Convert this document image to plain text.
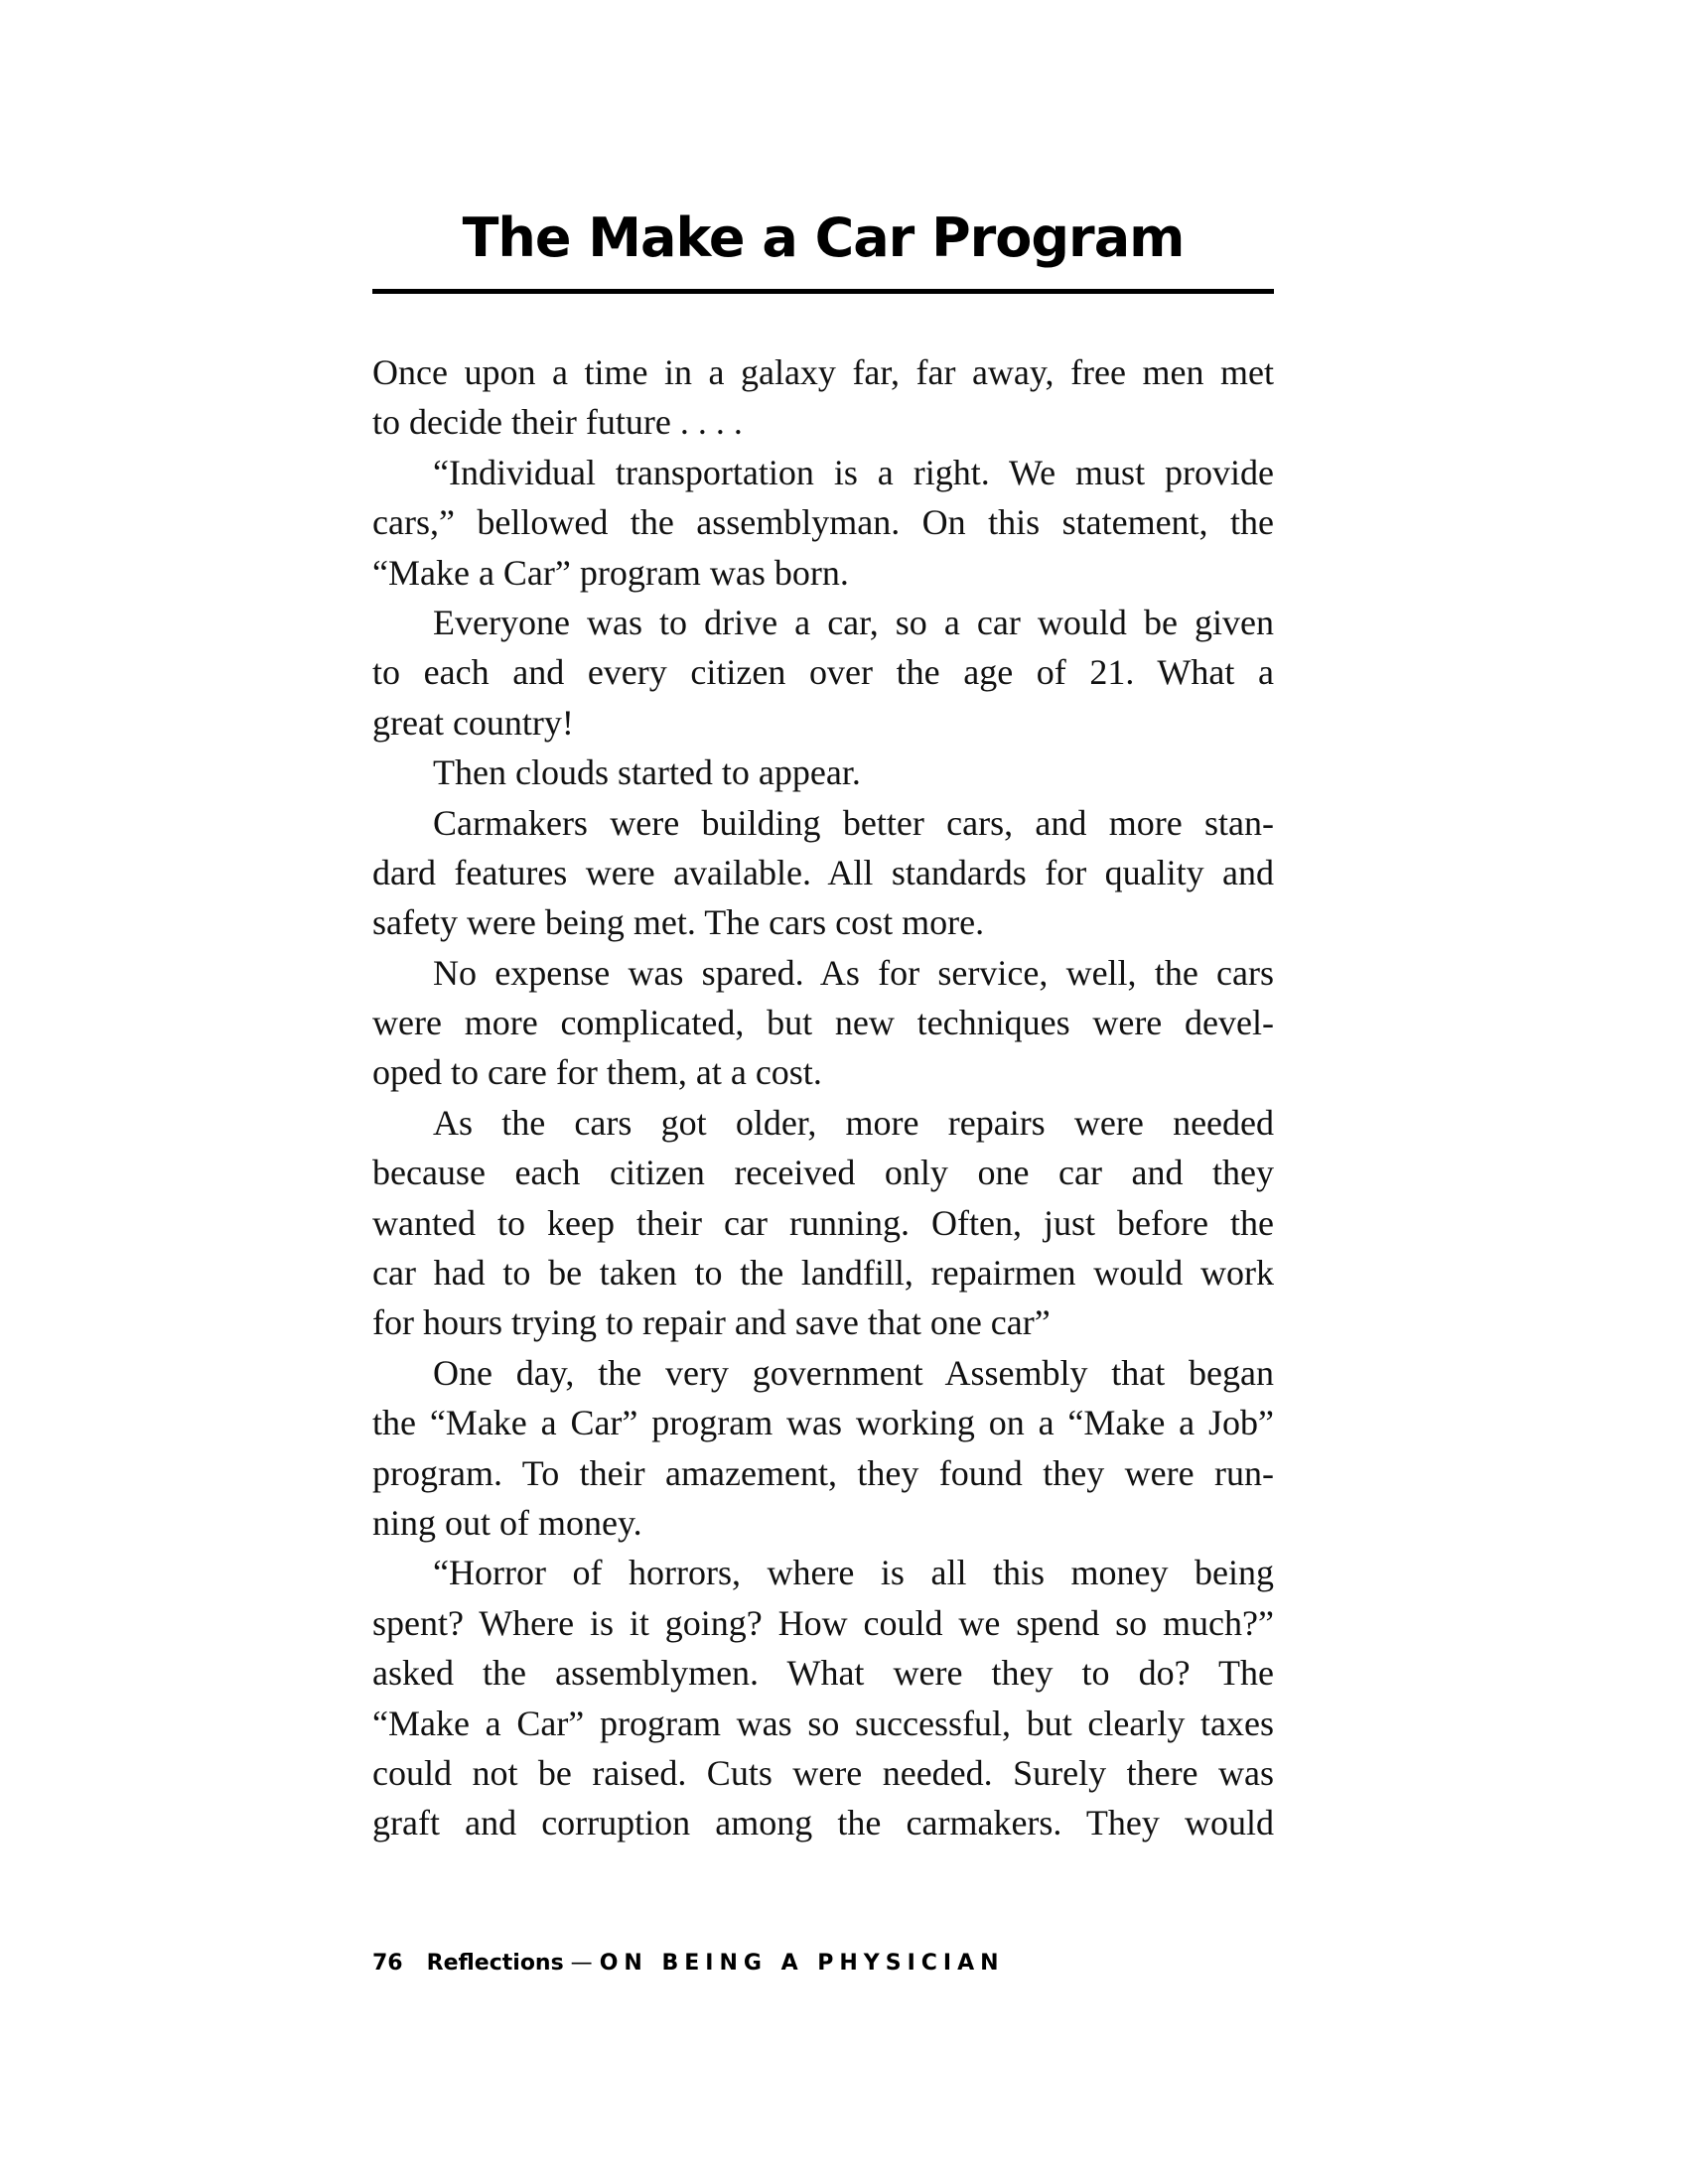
The Make a Car Program
Once upon a time in a galaxy far, far away, free men met
to decide their future . . . .
“Individual transportation is a right. We must provide
cars,” bellowed the assemblyman. On this statement, the
“Make a Car” program was born.
Everyone was to drive a car, so a car would be given
to each and every citizen over the age of 21. What a
great country!
Then clouds started to appear.
Carmakers were building better cars, and more stan-
dard features were available. All standards for quality and
safety were being met. The cars cost more.
No expense was spared. As for service, well, the cars
were more complicated, but new techniques were devel-
oped to care for them, at a cost.
As the cars got older, more repairs were needed
because each citizen received only one car and they
wanted to keep their car running. Often, just before the
car had to be taken to the landfill, repairmen would work
for hours trying to repair and save that one car”
One day, the very government Assembly that began
the “Make a Car” program was working on a “Make a Job”
program. To their amazement, they found they were run-
ning out of money.
“Horror of horrors, where is all this money being
spent? Where is it going? How could we spend so much?”
asked the assemblymen. What were they to do? The
“Make a Car” program was so successful, but clearly taxes
could not be raised. Cuts were needed. Surely there was
graft and corruption among the carmakers. They would
76 Reflections — ON BEING A PHYSICIAN
